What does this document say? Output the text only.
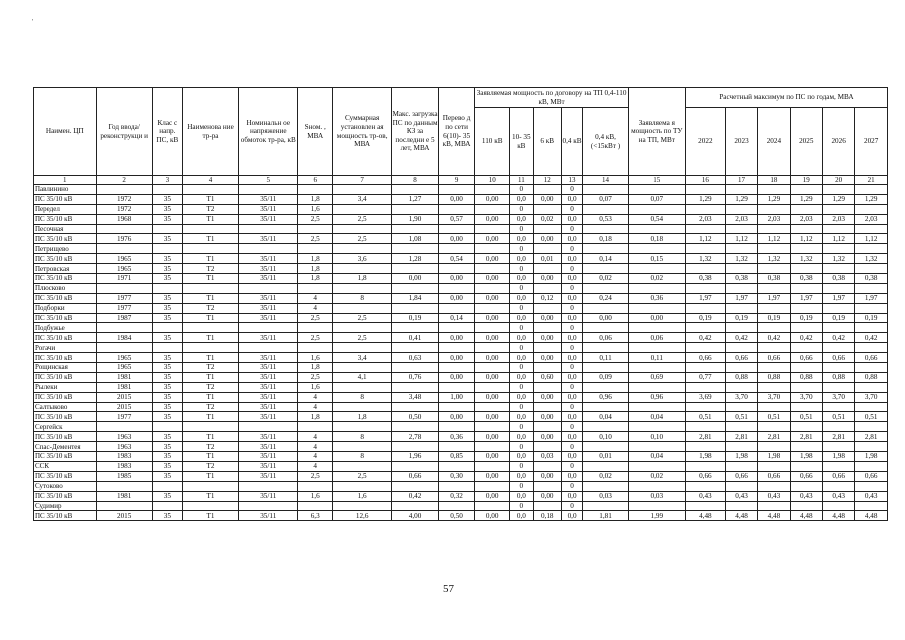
'
Наимен. ЦП	Год ввода/ реконструкци и	Клас с напр. ПС, кВ	Наименова ние тр-ра	Номинальн ое напряжение обмоток тр-ра, кВ	Sном. , МВА	Суммарная установлен ая мощность тр-ов, МВА	Макс. загрузка ПС по данным КЗ за последни е 5 лет, МВА	Перево д по сети 6(10)- 35 кВ, МВА	Заявляемая мощность по договору на ТП 0,4-110 кВ, МВт					Заявляема я мощность по ТУ на ТП, МВт	Расчетный максимум по ПС по годам, МВА					
									110 кВ	10- 35 кВ	6 кВ	0,4 кВ	0,4 кВ, (<15кВт )		2022	2023	2024	2025	2026	2027
1	2	3	4	5	6	7	8	9	10	11	12	13	14	15	16	17	18	19	20	21
Павлинино										0		0								
ПС 35/10 кВ	1972	35	Т1	35/11	1,8	3,4	1,27	0,00	0,00	0,0	0,00	0,0	0,07	0,07	1,29	1,29	1,29	1,29	1,29	1,29
Передел	1972	35	Т2	35/11	1,6					0		0								
ПС 35/10 кВ	1968	35	Т1	35/11	2,5	2,5	1,90	0,57	0,00	0,0	0,02	0,0	0,53	0,54	2,03	2,03	2,03	2,03	2,03	2,03
Песочная										0		0								
ПС 35/10 кВ	1976	35	Т1	35/11	2,5	2,5	1,08	0,00	0,00	0,0	0,00	0,0	0,18	0,18	1,12	1,12	1,12	1,12	1,12	1,12
Петрищево										0		0								
ПС 35/10 кВ	1965	35	Т1	35/11	1,8	3,6	1,28	0,54	0,00	0,0	0,01	0,0	0,14	0,15	1,32	1,32	1,32	1,32	1,32	1,32
Петровская	1965	35	Т2	35/11	1,8					0		0								
ПС 35/10 кВ	1971	35	Т1	35/11	1,8	1,8	0,00	0,00	0,00	0,0	0,00	0,0	0,02	0,02	0,38	0,38	0,38	0,38	0,38	0,38
Плюсково										0		0								
ПС 35/10 кВ	1977	35	Т1	35/11	4	8	1,84	0,00	0,00	0,0	0,12	0,0	0,24	0,36	1,97	1,97	1,97	1,97	1,97	1,97
Подборки	1977	35	Т2	35/11	4					0		0								
ПС 35/10 кВ	1987	35	Т1	35/11	2,5	2,5	0,19	0,14	0,00	0,0	0,00	0,0	0,00	0,00	0,19	0,19	0,19	0,19	0,19	0,19
Подбужье										0		0								
ПС 35/10 кВ	1984	35	Т1	35/11	2,5	2,5	0,41	0,00	0,00	0,0	0,00	0,0	0,06	0,06	0,42	0,42	0,42	0,42	0,42	0,42
Рогачи										0		0								
ПС 35/10 кВ	1965	35	Т1	35/11	1,6	3,4	0,63	0,00	0,00	0,0	0,00	0,0	0,11	0,11	0,66	0,66	0,66	0,66	0,66	0,66
Рощинская	1965	35	Т2	35/11	1,8					0		0								
ПС 35/10 кВ	1981	35	Т1	35/11	2,5	4,1	0,76	0,00	0,00	0,0	0,60	0,0	0,09	0,69	0,77	0,88	0,88	0,88	0,88	0,88
Рылеки	1981	35	Т2	35/11	1,6					0		0								
ПС 35/10 кВ	2015	35	Т1	35/11	4	8	3,48	1,00	0,00	0,0	0,00	0,0	0,96	0,96	3,69	3,70	3,70	3,70	3,70	3,70
Салтыково	2015	35	Т2	35/11	4					0		0								
ПС 35/10 кВ	1977	35	Т1	35/11	1,8	1,8	0,50	0,00	0,00	0,0	0,00	0,0	0,04	0,04	0,51	0,51	0,51	0,51	0,51	0,51
Сергейск										0		0								
ПС 35/10 кВ	1963	35	Т1	35/11	4	8	2,78	0,36	0,00	0,0	0,00	0,0	0,10	0,10	2,81	2,81	2,81	2,81	2,81	2,81
Спас-Дементея	1963	35	Т2	35/11	4					0		0								
ПС 35/10 кВ	1983	35	Т1	35/11	4	8	1,96	0,85	0,00	0,0	0,03	0,0	0,01	0,04	1,98	1,98	1,98	1,98	1,98	1,98
ССК	1983	35	Т2	35/11	4					0		0								
ПС 35/10 кВ	1985	35	Т1	35/11	2,5	2,5	0,66	0,30	0,00	0,0	0,00	0,0	0,02	0,02	0,66	0,66	0,66	0,66	0,66	0,66
Сутоково										0		0								
ПС 35/10 кВ	1981	35	Т1	35/11	1,6	1,6	0,42	0,32	0,00	0,0	0,00	0,0	0,03	0,03	0,43	0,43	0,43	0,43	0,43	0,43
Судимир										0		0								
ПС 35/10 кВ	2015	35	Т1	35/11	6,3	12,6	4,00	0,50	0,00	0,0	0,18	0,0	1,81	1,99	4,48	4,48	4,48	4,48	4,48	4,48
57
